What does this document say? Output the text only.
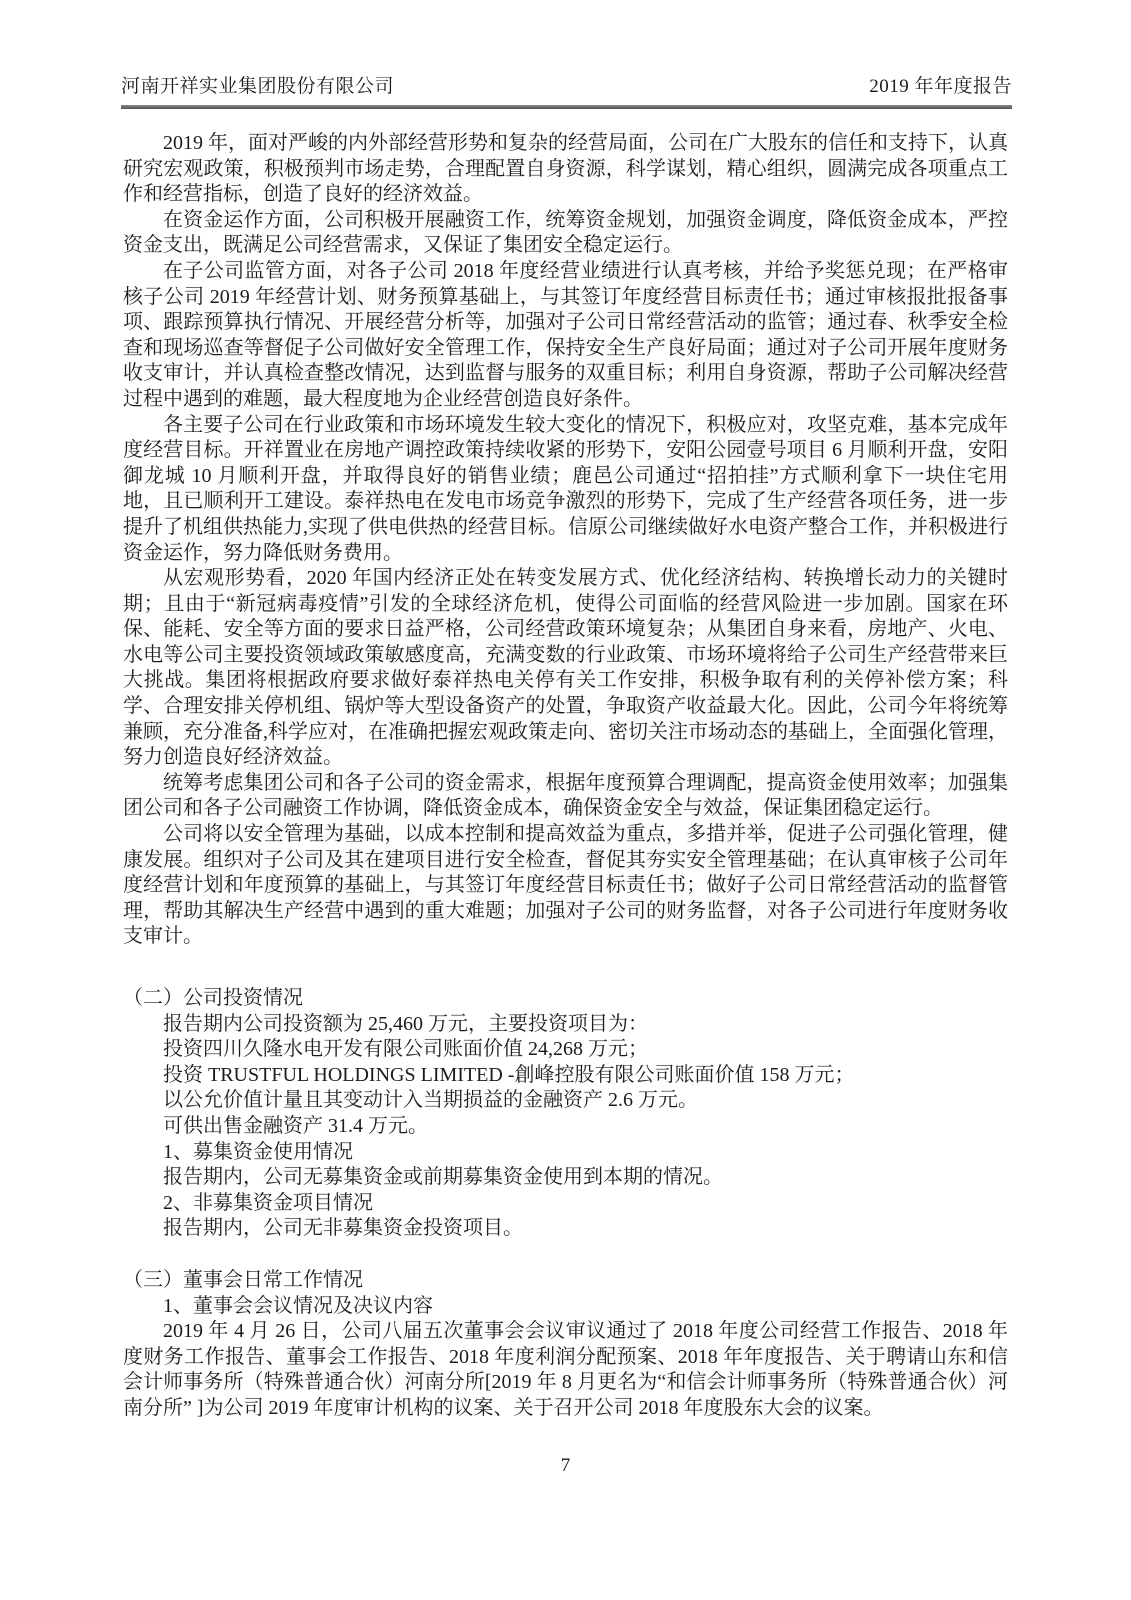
河南开祥实业集团股份有限公司	2019 年年度报告

2019 年，面对严峻的内外部经营形势和复杂的经营局面，公司在广大股东的信任和支持下，认真研究宏观政策，积极预判市场走势，合理配置自身资源，科学谋划，精心组织，圆满完成各项重点工作和经营指标，创造了良好的经济效益。

在资金运作方面，公司积极开展融资工作，统筹资金规划，加强资金调度，降低资金成本，严控资金支出，既满足公司经营需求，又保证了集团安全稳定运行。

在子公司监管方面，对各子公司 2018 年度经营业绩进行认真考核，并给予奖惩兑现；在严格审核子公司 2019 年经营计划、财务预算基础上，与其签订年度经营目标责任书；通过审核报批报备事项、跟踪预算执行情况、开展经营分析等，加强对子公司日常经营活动的监管；通过春、秋季安全检查和现场巡查等督促子公司做好安全管理工作，保持安全生产良好局面；通过对子公司开展年度财务收支审计，并认真检查整改情况，达到监督与服务的双重目标；利用自身资源，帮助子公司解决经营过程中遇到的难题，最大程度地为企业经营创造良好条件。

各主要子公司在行业政策和市场环境发生较大变化的情况下，积极应对，攻坚克难，基本完成年度经营目标。开祥置业在房地产调控政策持续收紧的形势下，安阳公园壹号项目 6 月顺利开盘，安阳御龙城 10 月顺利开盘，并取得良好的销售业绩；鹿邑公司通过“招拍挂”方式顺利拿下一块住宅用地，且已顺利开工建设。泰祥热电在发电市场竞争激烈的形势下，完成了生产经营各项任务，进一步提升了机组供热能力,实现了供电供热的经营目标。信原公司继续做好水电资产整合工作，并积极进行资金运作，努力降低财务费用。

从宏观形势看，2020 年国内经济正处在转变发展方式、优化经济结构、转换增长动力的关键时期；且由于“新冠病毒疫情”引发的全球经济危机，使得公司面临的经营风险进一步加剧。国家在环保、能耗、安全等方面的要求日益严格，公司经营政策环境复杂；从集团自身来看，房地产、火电、水电等公司主要投资领域政策敏感度高，充满变数的行业政策、市场环境将给子公司生产经营带来巨大挑战。集团将根据政府要求做好泰祥热电关停有关工作安排，积极争取有利的关停补偿方案；科学、合理安排关停机组、锅炉等大型设备资产的处置，争取资产收益最大化。因此，公司今年将统筹兼顾，充分准备,科学应对，在准确把握宏观政策走向、密切关注市场动态的基础上，全面强化管理，努力创造良好经济效益。

统筹考虑集团公司和各子公司的资金需求，根据年度预算合理调配，提高资金使用效率；加强集团公司和各子公司融资工作协调，降低资金成本，确保资金安全与效益，保证集团稳定运行。

公司将以安全管理为基础，以成本控制和提高效益为重点，多措并举，促进子公司强化管理，健康发展。组织对子公司及其在建项目进行安全检查，督促其夯实安全管理基础；在认真审核子公司年度经营计划和年度预算的基础上，与其签订年度经营目标责任书；做好子公司日常经营活动的监督管理，帮助其解决生产经营中遇到的重大难题；加强对子公司的财务监督，对各子公司进行年度财务收支审计。

（二）公司投资情况

报告期内公司投资额为 25,460 万元，主要投资项目为：

投资四川久隆水电开发有限公司账面价值 24,268 万元；

投资 TRUSTFUL HOLDINGS LIMITED -創峰控股有限公司账面价值 158 万元；

以公允价值计量且其变动计入当期损益的金融资产 2.6 万元。

可供出售金融资产 31.4 万元。

1、募集资金使用情况

报告期内，公司无募集资金或前期募集资金使用到本期的情况。

2、非募集资金项目情况

报告期内，公司无非募集资金投资项目。

（三）董事会日常工作情况

1、董事会会议情况及决议内容

2019 年 4 月 26 日，公司八届五次董事会会议审议通过了 2018 年度公司经营工作报告、2018 年度财务工作报告、董事会工作报告、2018 年度利润分配预案、2018 年年度报告、关于聘请山东和信会计师事务所（特殊普通合伙）河南分所[2019 年 8 月更名为“和信会计师事务所（特殊普通合伙）河南分所” ]为公司 2019 年度审计机构的议案、关于召开公司 2018 年度股东大会的议案。

7
